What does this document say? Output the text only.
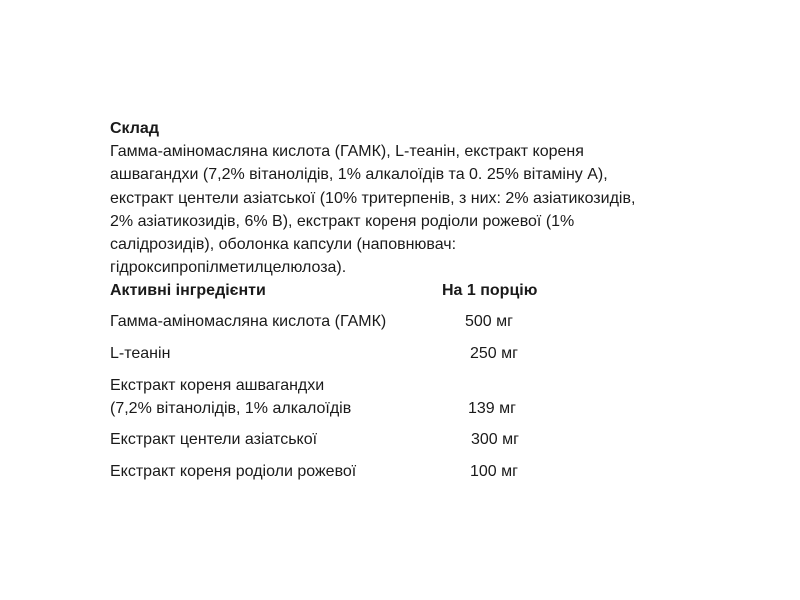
Склад
Гамма-аміномасляна кислота (ГАМК), L-теанін, екстракт кореня
ашвагандхи (7,2% вітанолідів, 1% алкалоїдів та 0. 25% вітаміну А),
екстракт центели азіатської (10% тритерпенів, з них: 2% азіатикозидів,
2% азіатикозидів, 6% В), екстракт кореня родіоли рожевої (1%
салідрозидів), оболонка капсули (наповнювач:
гідроксипропілметилцелюлоза).
Активні інгредієнти	На 1 порцію
Гамма-аміномасляна кислота (ГАМК)	500 мг
L-теанін	250 мг
Екстракт кореня ашвагандхи
(7,2% вітанолідів, 1% алкалоїдів	139 мг
Екстракт центели азіатської	300 мг
Екстракт кореня родіоли рожевої	100 мг
